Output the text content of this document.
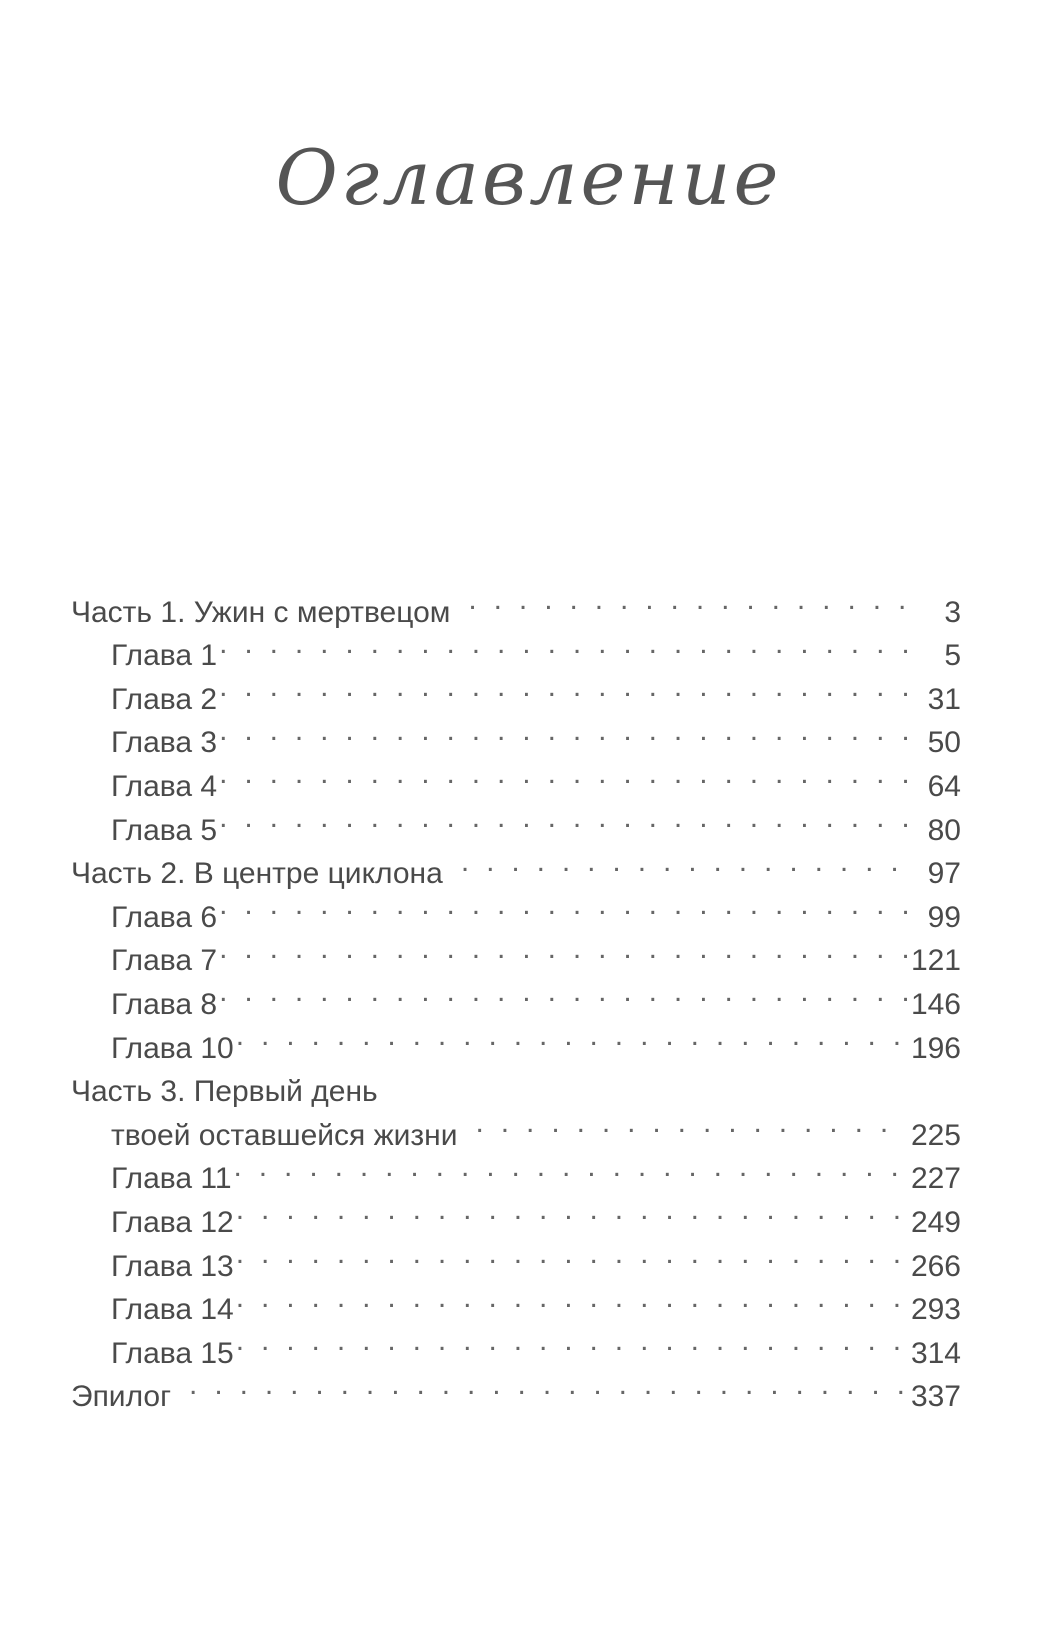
Оглавление
Часть 1. Ужин с мертвецом . . .	3
Глава 1 . . .	5
Глава 2 . . .	31
Глава 3 . . .	50
Глава 4 . . .	64
Глава 5 . . .	80
Часть 2. В центре циклона . . .	97
Глава 6 . . .	99
Глава 7 . . .	121
Глава 8 . . .	146
Глава 10 . . .	196
Часть 3. Первый день
твоей оставшейся жизни . . .	225
Глава 11 . . .	227
Глава 12 . . .	249
Глава 13 . . .	266
Глава 14 . . .	293
Глава 15 . . .	314
Эпилог . . .	337
